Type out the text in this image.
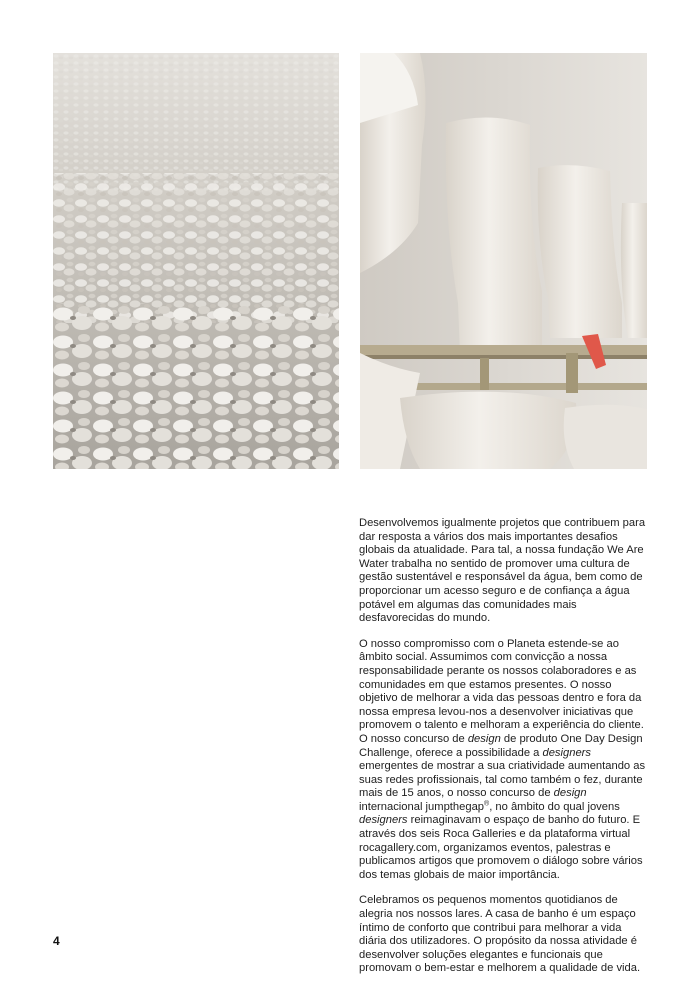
Desenvolvemos igualmente projetos que contribuem para dar resposta a vários dos mais importantes desafios globais da atualidade. Para tal, a nossa fundação We Are Water trabalha no sentido de promover uma cultura de gestão sustentável e responsável da água, bem como de proporcionar um acesso seguro e de confiança a água potável em algumas das comunidades mais desfavorecidas do mundo.

O nosso compromisso com o Planeta estende-se ao âmbito social. Assumimos com convicção a nossa responsabilidade perante os nossos colaboradores e as comunidades em que estamos presentes. O nosso objetivo de melhorar a vida das pessoas dentro e fora da nossa empresa levou-nos a desenvolver iniciativas que promovem o talento e melhoram a experiência do cliente. O nosso concurso de design de produto One Day Design Challenge, oferece a possibilidade a designers emergentes de mostrar a sua criatividade aumentando as suas redes profissionais, tal como também o fez, durante mais de 15 anos, o nosso concurso de design internacional jumpthegap®, no âmbito do qual jovens designers reimaginavam o espaço de banho do futuro. E através dos seis Roca Galleries e da plataforma virtual rocagallery.com, organizamos eventos, palestras e publicamos artigos que promovem o diálogo sobre vários dos temas globais de maior importância.

Celebramos os pequenos momentos quotidianos de alegria nos nossos lares. A casa de banho é um espaço íntimo de conforto que contribui para melhorar a vida diária dos utilizadores. O propósito da nossa atividade é desenvolver soluções elegantes e funcionais que promovam o bem-estar e melhorem a qualidade de vida.

4
